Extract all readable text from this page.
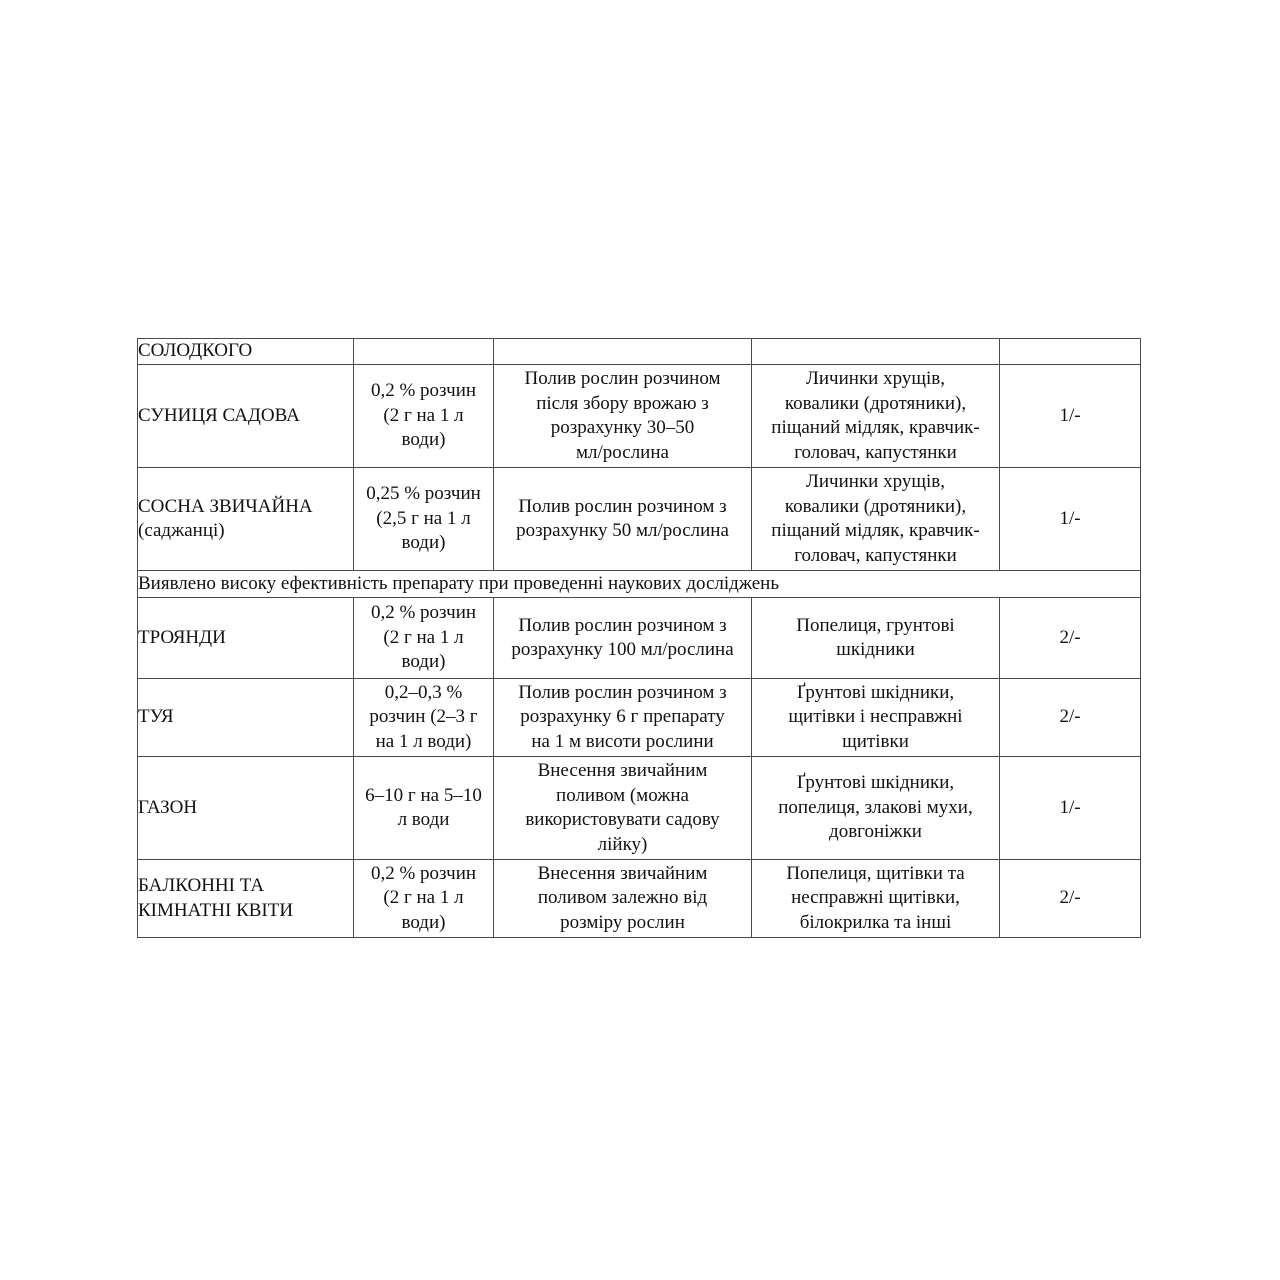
СОЛОДКОГО				

СУНИЦЯ САДОВА	0,2 % розчин
(2 г на 1 л
води)	Полив рослин розчином
після збору врожаю з
розрахунку 30–50
мл/рослина	Личинки хрущів,
ковалики (дротяники),
піщаний мідляк, кравчик-
головач, капустянки	1/-

СОСНА ЗВИЧАЙНА
(саджанці)	0,25 % розчин
(2,5 г на 1 л
води)	Полив рослин розчином з
розрахунку 50 мл/рослина	Личинки хрущів,
ковалики (дротяники),
піщаний мідляк, кравчик-
головач, капустянки	1/-
Виявлено високу ефективність препарату при проведенні наукових досліджень				

ТРОЯНДИ	0,2 % розчин
(2 г на 1 л
води)	Полив рослин розчином з
розрахунку 100 мл/рослина	Попелиця, грунтові
шкідники	2/-

ТУЯ	0,2–0,3 %
розчин (2–3 г
на 1 л води)	Полив рослин розчином з
розрахунку 6 г препарату
на 1 м висоти рослини	Ґрунтові шкідники,
щитівки і несправжні
щитівки	2/-

ГАЗОН	6–10 г на 5–10
л води	Внесення звичайним
поливом (можна
використовувати садову
лійку)	Ґрунтові шкідники,
попелиця, злакові мухи,
довгоніжки	1/-

БАЛКОННІ ТА
КІМНАТНІ КВІТИ	0,2 % розчин
(2 г на 1 л
води)	Внесення звичайним
поливом залежно від
розміру рослин	Попелиця, щитівки та
несправжні щитівки,
білокрилка та інші	2/-
